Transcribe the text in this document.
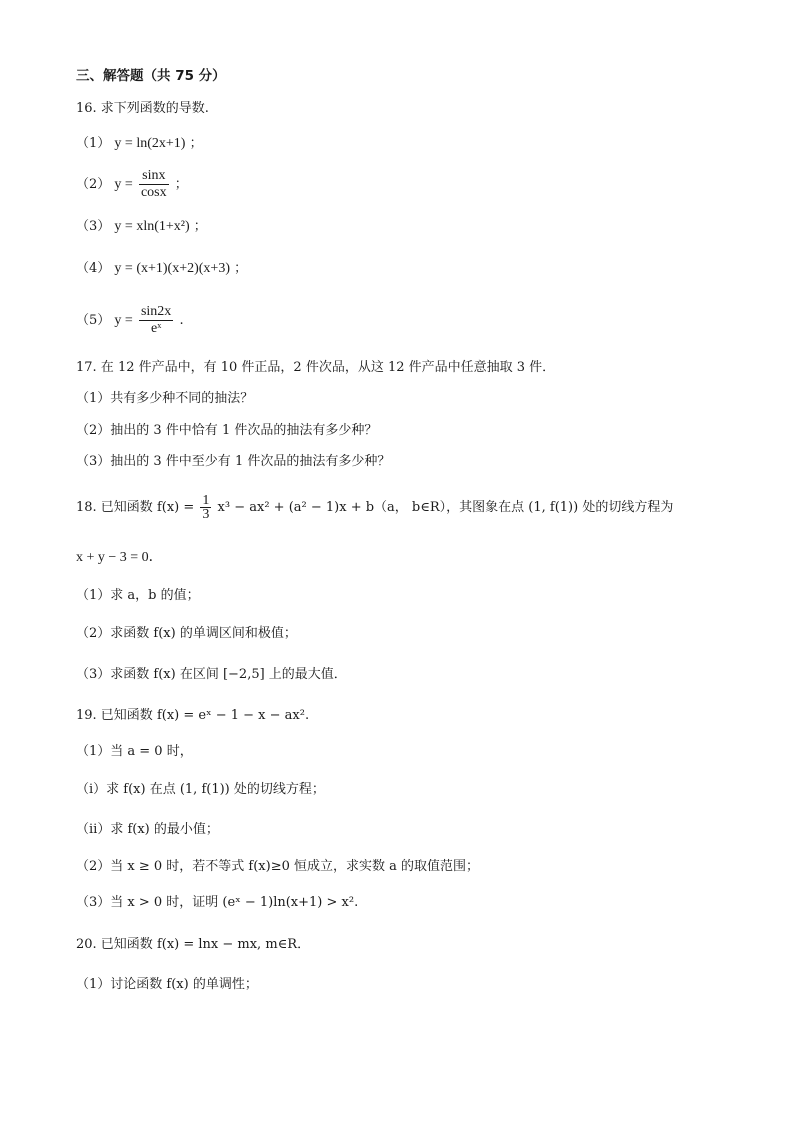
三、解答题（共 75 分）
16. 求下列函数的导数.
（1） y = ln(2x+1) ；
（2） $y = \frac{\sin x}{\cos x}$ ；
（3） y = xln(1+x²) ；
（4） y = (x+1)(x+2)(x+3) ；
（5） $y = \frac{\sin 2x}{\text{eˣ}}$ .
17. 在 12 件产品中，有 10 件正品，2 件次品，从这 12 件产品中任意抽取 3 件．
（1）共有多少种不同的抽法？
（2）抽出的 3 件中恰有 1 件次品的抽法有多少种？
（3）抽出的 3 件中至少有 1 件次品的抽法有多少种？
18. 已知函数 $f(x) = \frac{1}{3} x^3 - ax^2 + (a^2 - 1)x + b(a$， b∈R），其图象在点 (1, f(1)) 处的切线方程为
x + y − 3 = 0．
（1）求 a，b 的值；
（2）求函数 f(x) 的单调区间和极值；
（3）求函数 f(x) 在区间 [−2,5] 上的最大值．
19. 已知函数 f(x) = eˣ − 1 − x − ax².
（1）当 a = 0 时，
（ⅰ）求 f(x) 在点 (1, f(1)) 处的切线方程；
（ⅱ）求 f(x) 的最小值；
（2）当 x ≥ 0 时，若不等式 f(x)≥0 恒成立，求实数 a 的取值范围；
（3）当 x > 0 时，证明 (eˣ − 1)ln(x+1) > x².
20. 已知函数 f(x) = lnx − mx, m∈R．
（1）讨论函数 f(x) 的单调性；
